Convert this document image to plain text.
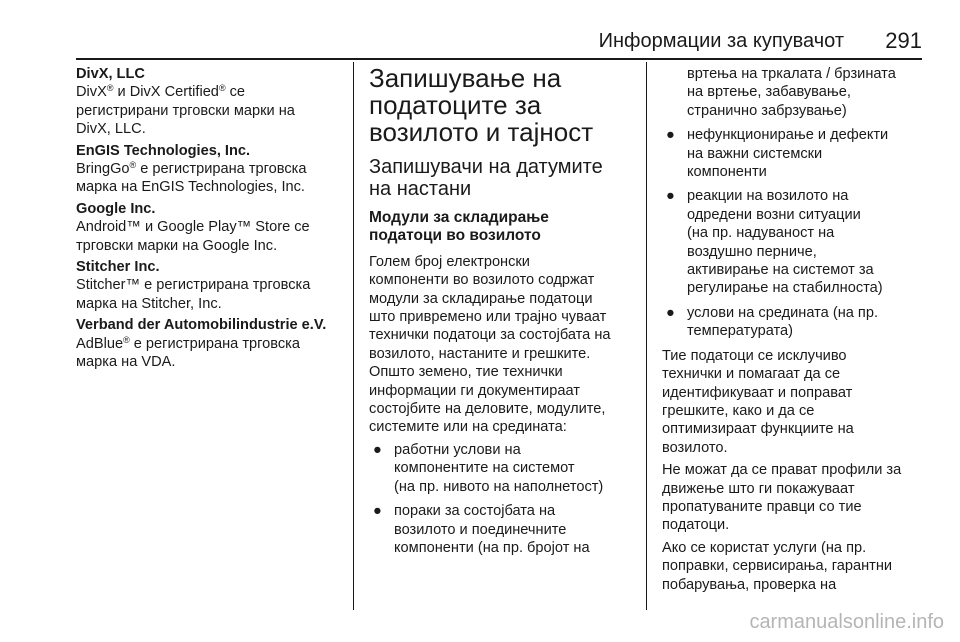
Информации за купувачот 291
DivX, LLC
DivX® и DivX Certified® се
регистрирани трговски марки на
DivX, LLC.
EnGIS Technologies, Inc.
BringGo® е регистрирана трговска
марка на EnGIS Technologies, Inc.
Google Inc.
Android™ и Google Play™ Store се
трговски марки на Google Inc.
Stitcher Inc.
Stitcher™ е регистрирана трговска
марка на Stitcher, Inc.
Verband der Automobilindustrie e.V.
AdBlue® е регистрирана трговска
марка на VDA.
Запишување на
податоците за
возилото и тајност
Запишувачи на датумите
на настани
Модули за складирање
податоци во возилото
Голем број електронски
компоненти во возилото содржат
модули за складирање податоци
што привремено или трајно чуваат
технички податоци за состојбата на
возилото, настаните и грешките.
Општо земено, тие технички
информации ги документираат
состојбите на деловите, модулите,
системите или на средината:
● работни услови на
компонентите на системот
(на пр. нивото на наполнетост)
● пораки за состојбата на
возилото и поединечните
компоненти (на пр. бројот на
вртења на тркалата / брзината
на вртење, забавување,
странично забрзување)
● нефункционирање и дефекти
на важни системски
компоненти
● реакции на возилото на
одредени возни ситуации
(на пр. надуваност на
воздушно перниче,
активирање на системот за
регулирање на стабилноста)
● услови на средината (на пр.
температурата)
Тие податоци се исклучиво
технички и помагаат да се
идентификуваат и поправат
грешките, како и да се
оптимизираат функциите на
возилото.
Не можат да се прават профили за
движење што ги покажуваат
пропатуваните правци со тие
податоци.
Ако се користат услуги (на пр.
поправки, сервисирања, гарантни
побарувања, проверка на
carmanualsonline.info
